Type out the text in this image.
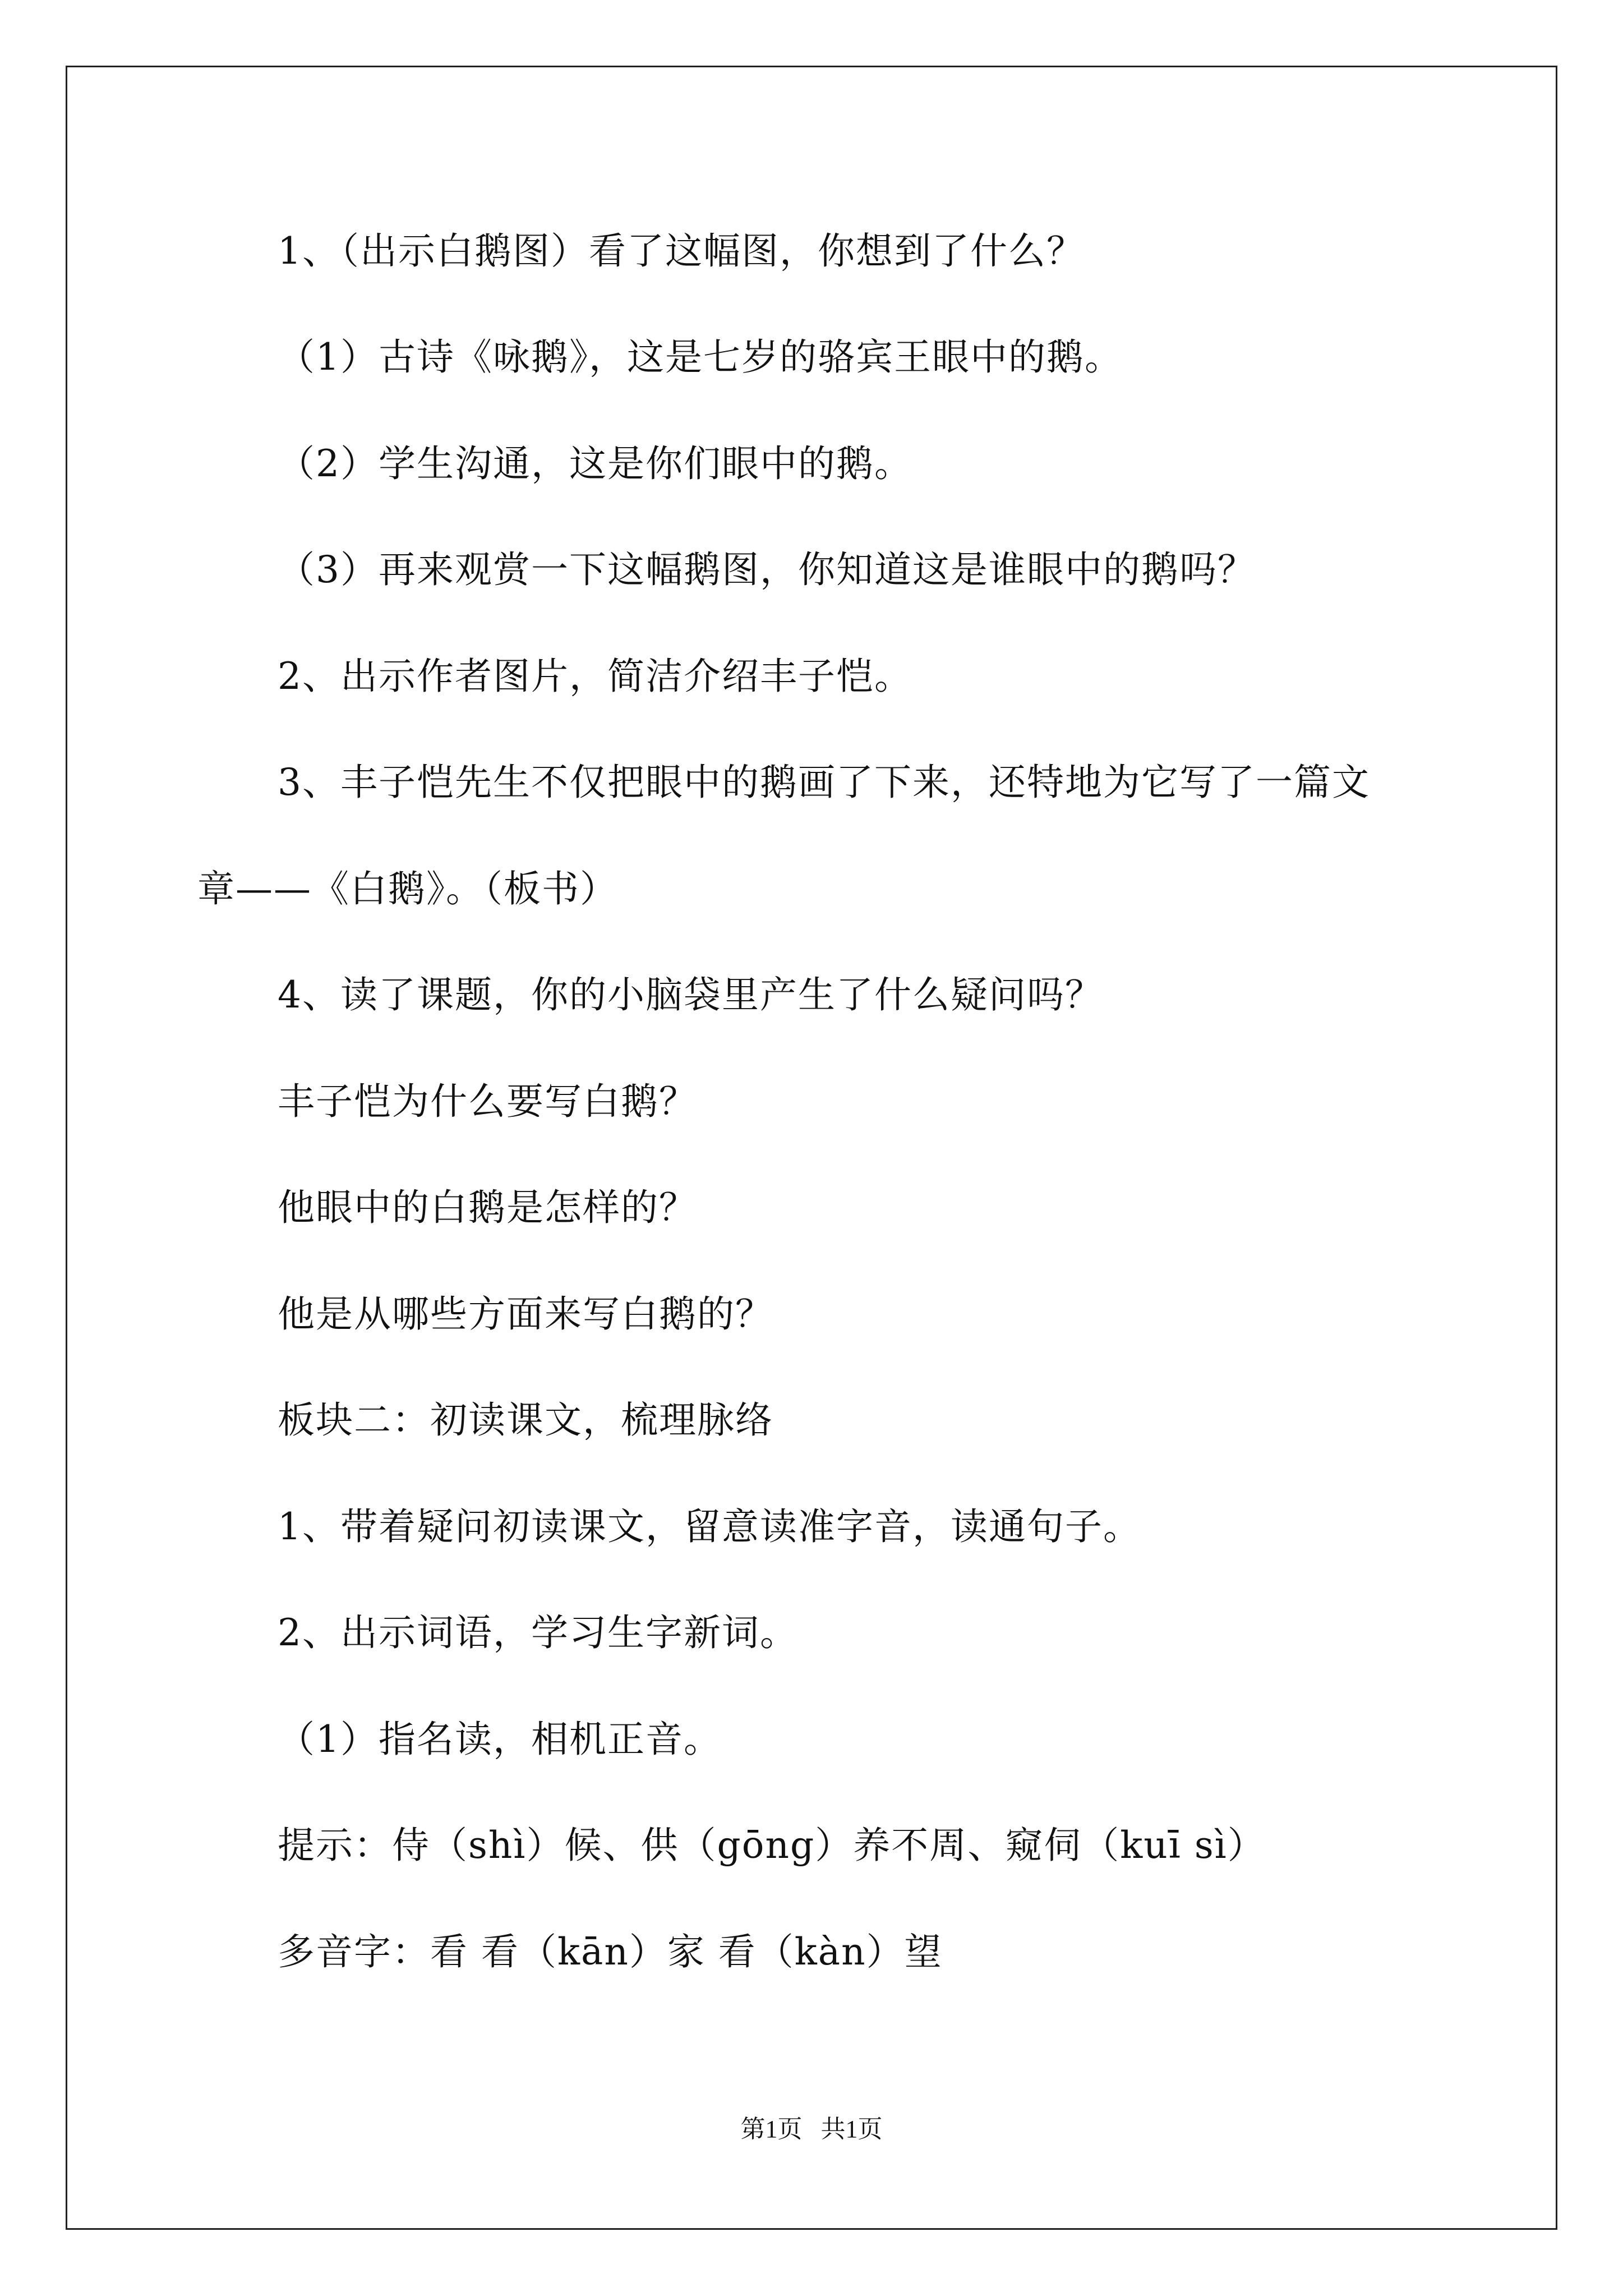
1、（出示白鹅图）看了这幅图，你想到了什么？
（1）古诗《咏鹅》，这是七岁的骆宾王眼中的鹅。
（2）学生沟通，这是你们眼中的鹅。
（3）再来观赏一下这幅鹅图，你知道这是谁眼中的鹅吗？
2、出示作者图片，简洁介绍丰子恺。
3、丰子恺先生不仅把眼中的鹅画了下来，还特地为它写了一篇文
章——《白鹅》。（板书）
4、读了课题，你的小脑袋里产生了什么疑问吗？
丰子恺为什么要写白鹅？
他眼中的白鹅是怎样的？
他是从哪些方面来写白鹅的？
板块二：初读课文，梳理脉络
1、带着疑问初读课文，留意读准字音，读通句子。
2、出示词语，学习生字新词。
（1）指名读，相机正音。
提示：侍（shì）候、供（gōng）养不周、窥伺（kuī sì）
多音字：看 看（kān）家 看（kàn）望
第1页   共1页
